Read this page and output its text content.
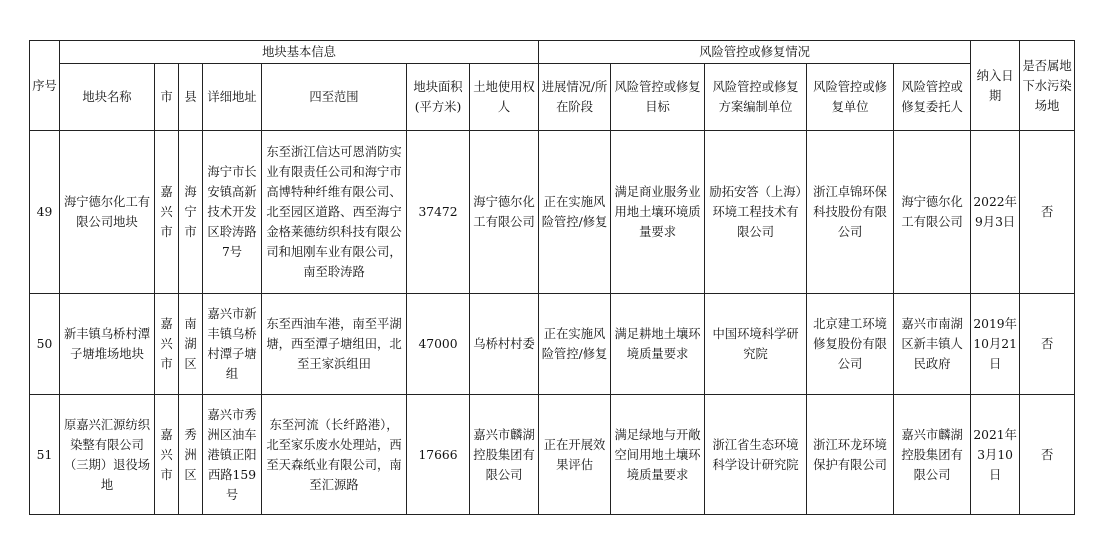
序号	地块基本信息							风险管控或修复情况					纳入日期	是否属地下水污染场地
	地块名称	市	县	详细地址	四至范围	地块面积(平方米)	土地使用权人	进展情况/所在阶段	风险管控或修复目标	风险管控或修复方案编制单位	风险管控或修复单位	风险管控或修复委托人		
49	海宁德尔化工有限公司地块	嘉兴市	海宁市	海宁市长安镇高新技术开发区聆涛路7号	东至浙江信达可恩消防实业有限责任公司和海宁市高博特种纤维有限公司、北至园区道路、西至海宁金格莱德纺织科技有限公司和旭刚车业有限公司，南至聆涛路	37472	海宁德尔化工有限公司	正在实施风险管控/修复	满足商业服务业用地土壤环境质量要求	励拓安答（上海）环境工程技术有限公司	浙江卓锦环保科技股份有限公司	海宁德尔化工有限公司	2022年9月3日	否
50	新丰镇乌桥村潭子塘堆场地块	嘉兴市	南湖区	嘉兴市新丰镇乌桥村潭子塘组	东至西油车港，南至平湖塘，西至潭子塘组田，北至王家浜组田	47000	乌桥村村委	正在实施风险管控/修复	满足耕地土壤环境质量要求	中国环境科学研究院	北京建工环境修复股份有限公司	嘉兴市南湖区新丰镇人民政府	2019年10月21日	否
51	原嘉兴汇源纺织染整有限公司（三期）退役场地	嘉兴市	秀洲区	嘉兴市秀洲区油车港镇正阳西路159号	东至河流（长纤路港），北至家乐废水处理站，西至天森纸业有限公司，南至汇源路	17666	嘉兴市麟湖控股集团有限公司	正在开展效果评估	满足绿地与开敞空间用地土壤环境质量要求	浙江省生态环境科学设计研究院	浙江环龙环境保护有限公司	嘉兴市麟湖控股集团有限公司	2021年3月10日	否
